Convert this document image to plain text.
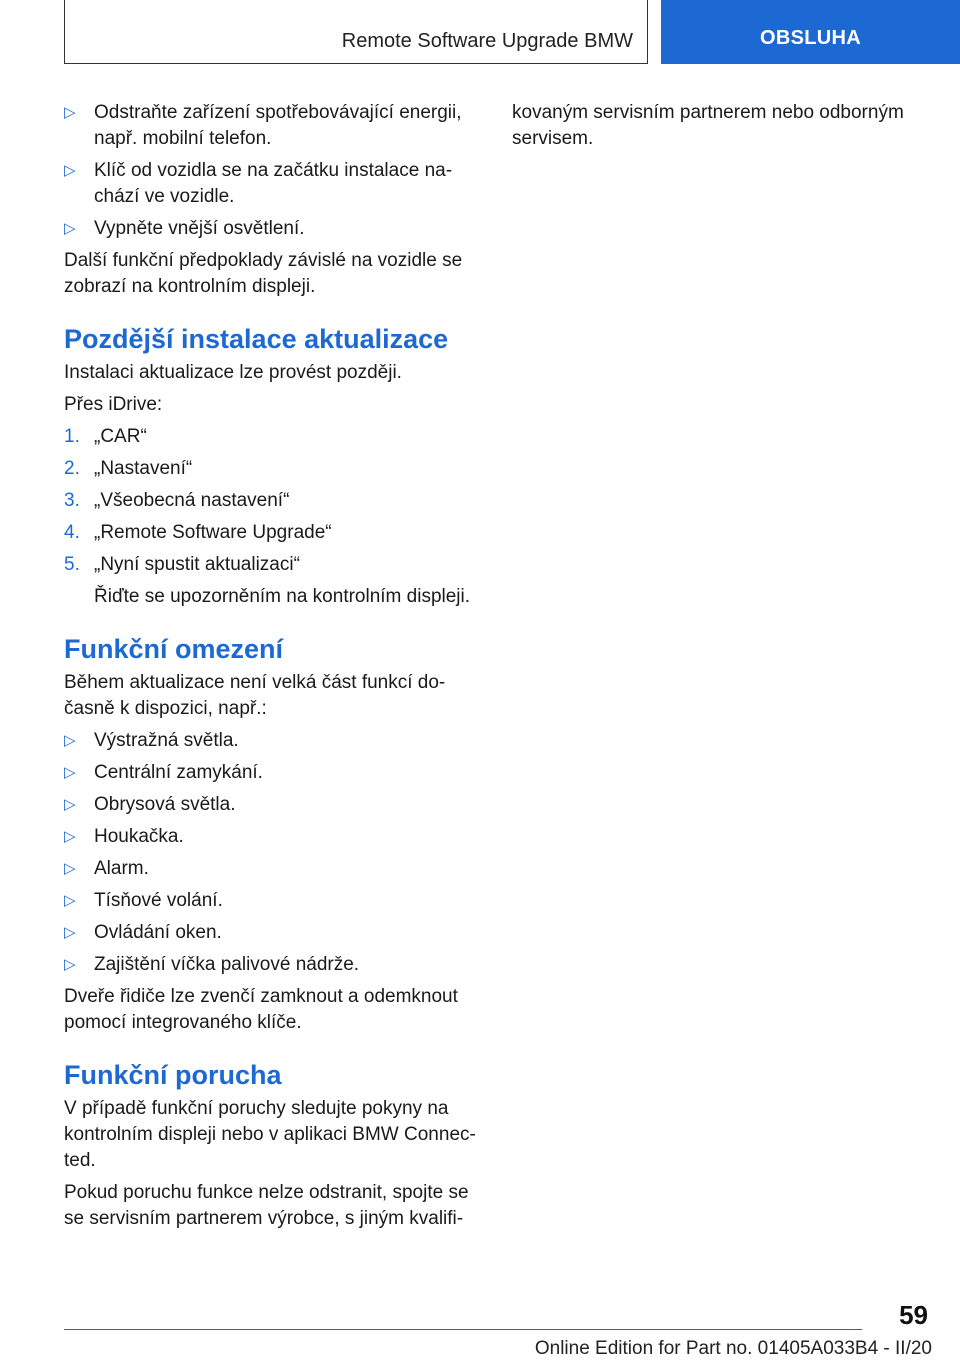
Remote Software Upgrade BMW	OBSLUHA
▷
Odstraňte zařízení spotřebovávající energii, např. mobilní telefon.
▷
Klíč od vozidla se na začátku instalace na-chází ve vozidle.
▷
Vypněte vnější osvětlení.

Další funkční předpoklady závislé na vozidle se zobrazí na kontrolním displeji.

Pozdější instalace aktualizace

Instalaci aktualizace lze provést později.

Přes iDrive:

1. „CAR“
2. „Nastavení“
3. „Všeobecná nastavení“
4. „Remote Software Upgrade“
5. „Nyní spustit aktualizaci“

Řiďte se upozorněním na kontrolním displeji.

Funkční omezení

Během aktualizace není velká část funkcí do-časně k dispozici, např.:

▷
Výstražná světla.
▷
Centrální zamykání.
▷
Obrysová světla.
▷
Houkačka.
▷
Alarm.
▷
Tísňové volání.
▷
Ovládání oken.
▷
Zajištění víčka palivové nádrže.

Dveře řidiče lze zvenčí zamknout a odemknout pomocí integrovaného klíče.

Funkční porucha

V případě funkční poruchy sledujte pokyny na kontrolním displeji nebo v aplikaci BMW Connec-ted.

Pokud poruchu funkce nelze odstranit, spojte se se servisním partnerem výrobce, s jiným kvalifi-

kovaným servisním partnerem nebo odborným servisem.

59
Online Edition for Part no. 01405A033B4 - II/20
